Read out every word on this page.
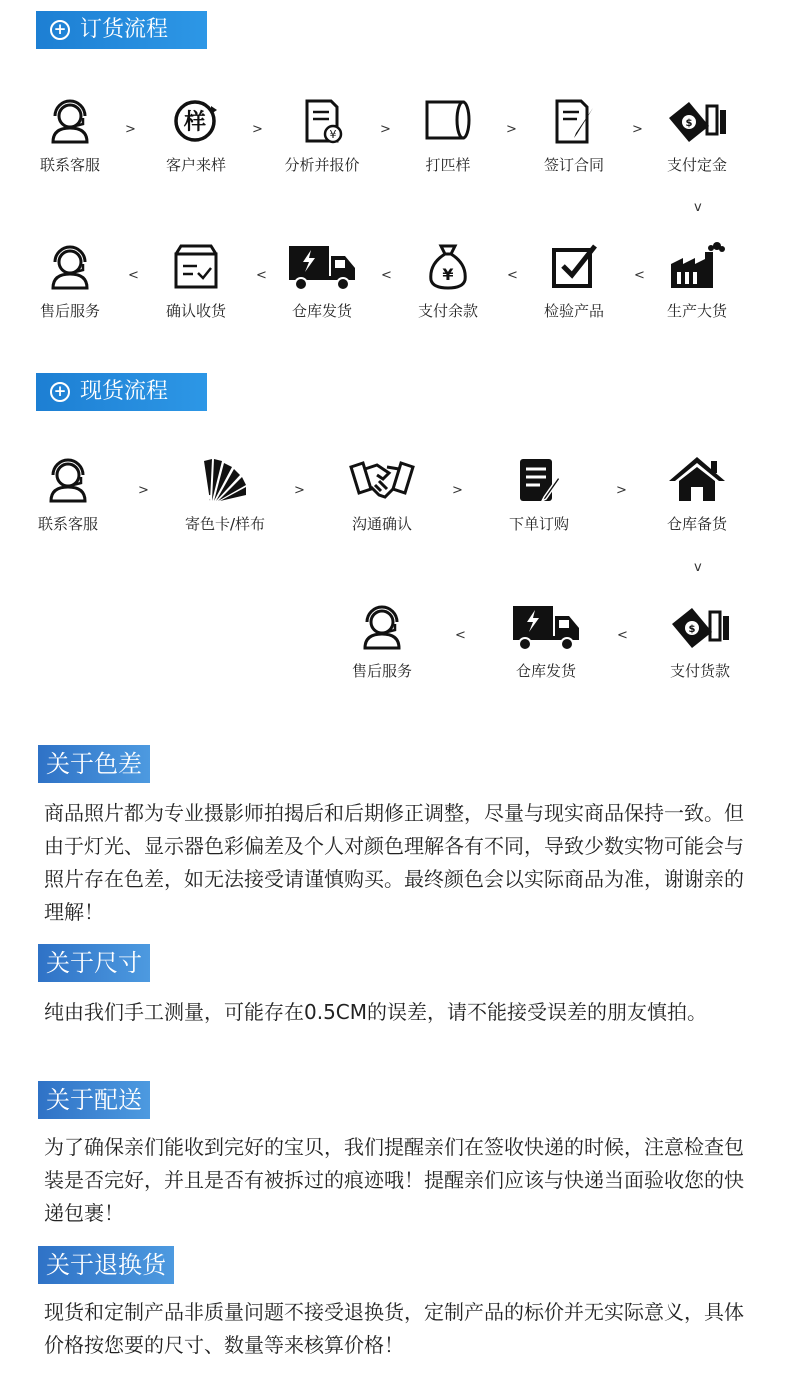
+ 订货流程
联系客服
> 样
客户来样
>	¥
分析并报价
>
打匹样
>
签订合同
>	$
支付定金
v
售后服务
<
确认收货
<
仓库发货
<	¥
支付余款
<
检验产品
<
生产大货
+ 现货流程
联系客服
>
寄色卡/样布
>
沟通确认
>
下单订购
>
仓库备货
v
售后服务
<
仓库发货
<	$
支付货款
关于色差
商品照片都为专业摄影师拍揭后和后期修正调整，尽量与现实商品保持一致。但由于灯光、显示器色彩偏差及个人对颜色理解各有不同，导致少数实物可能会与照片存在色差，如无法接受请谨慎购买。最终颜色会以实际商品为准，谢谢亲的理解！
关于尺寸
纯由我们手工测量，可能存在0.5CM的误差，请不能接受误差的朋友慎拍。
关于配送
为了确保亲们能收到完好的宝贝，我们提醒亲们在签收快递的时候，注意检查包装是否完好，并且是否有被拆过的痕迹哦！提醒亲们应该与快递当面验收您的快递包裹！
关于退换货
现货和定制产品非质量问题不接受退换货，定制产品的标价并无实际意义，具体价格按您要的尺寸、数量等来核算价格！
